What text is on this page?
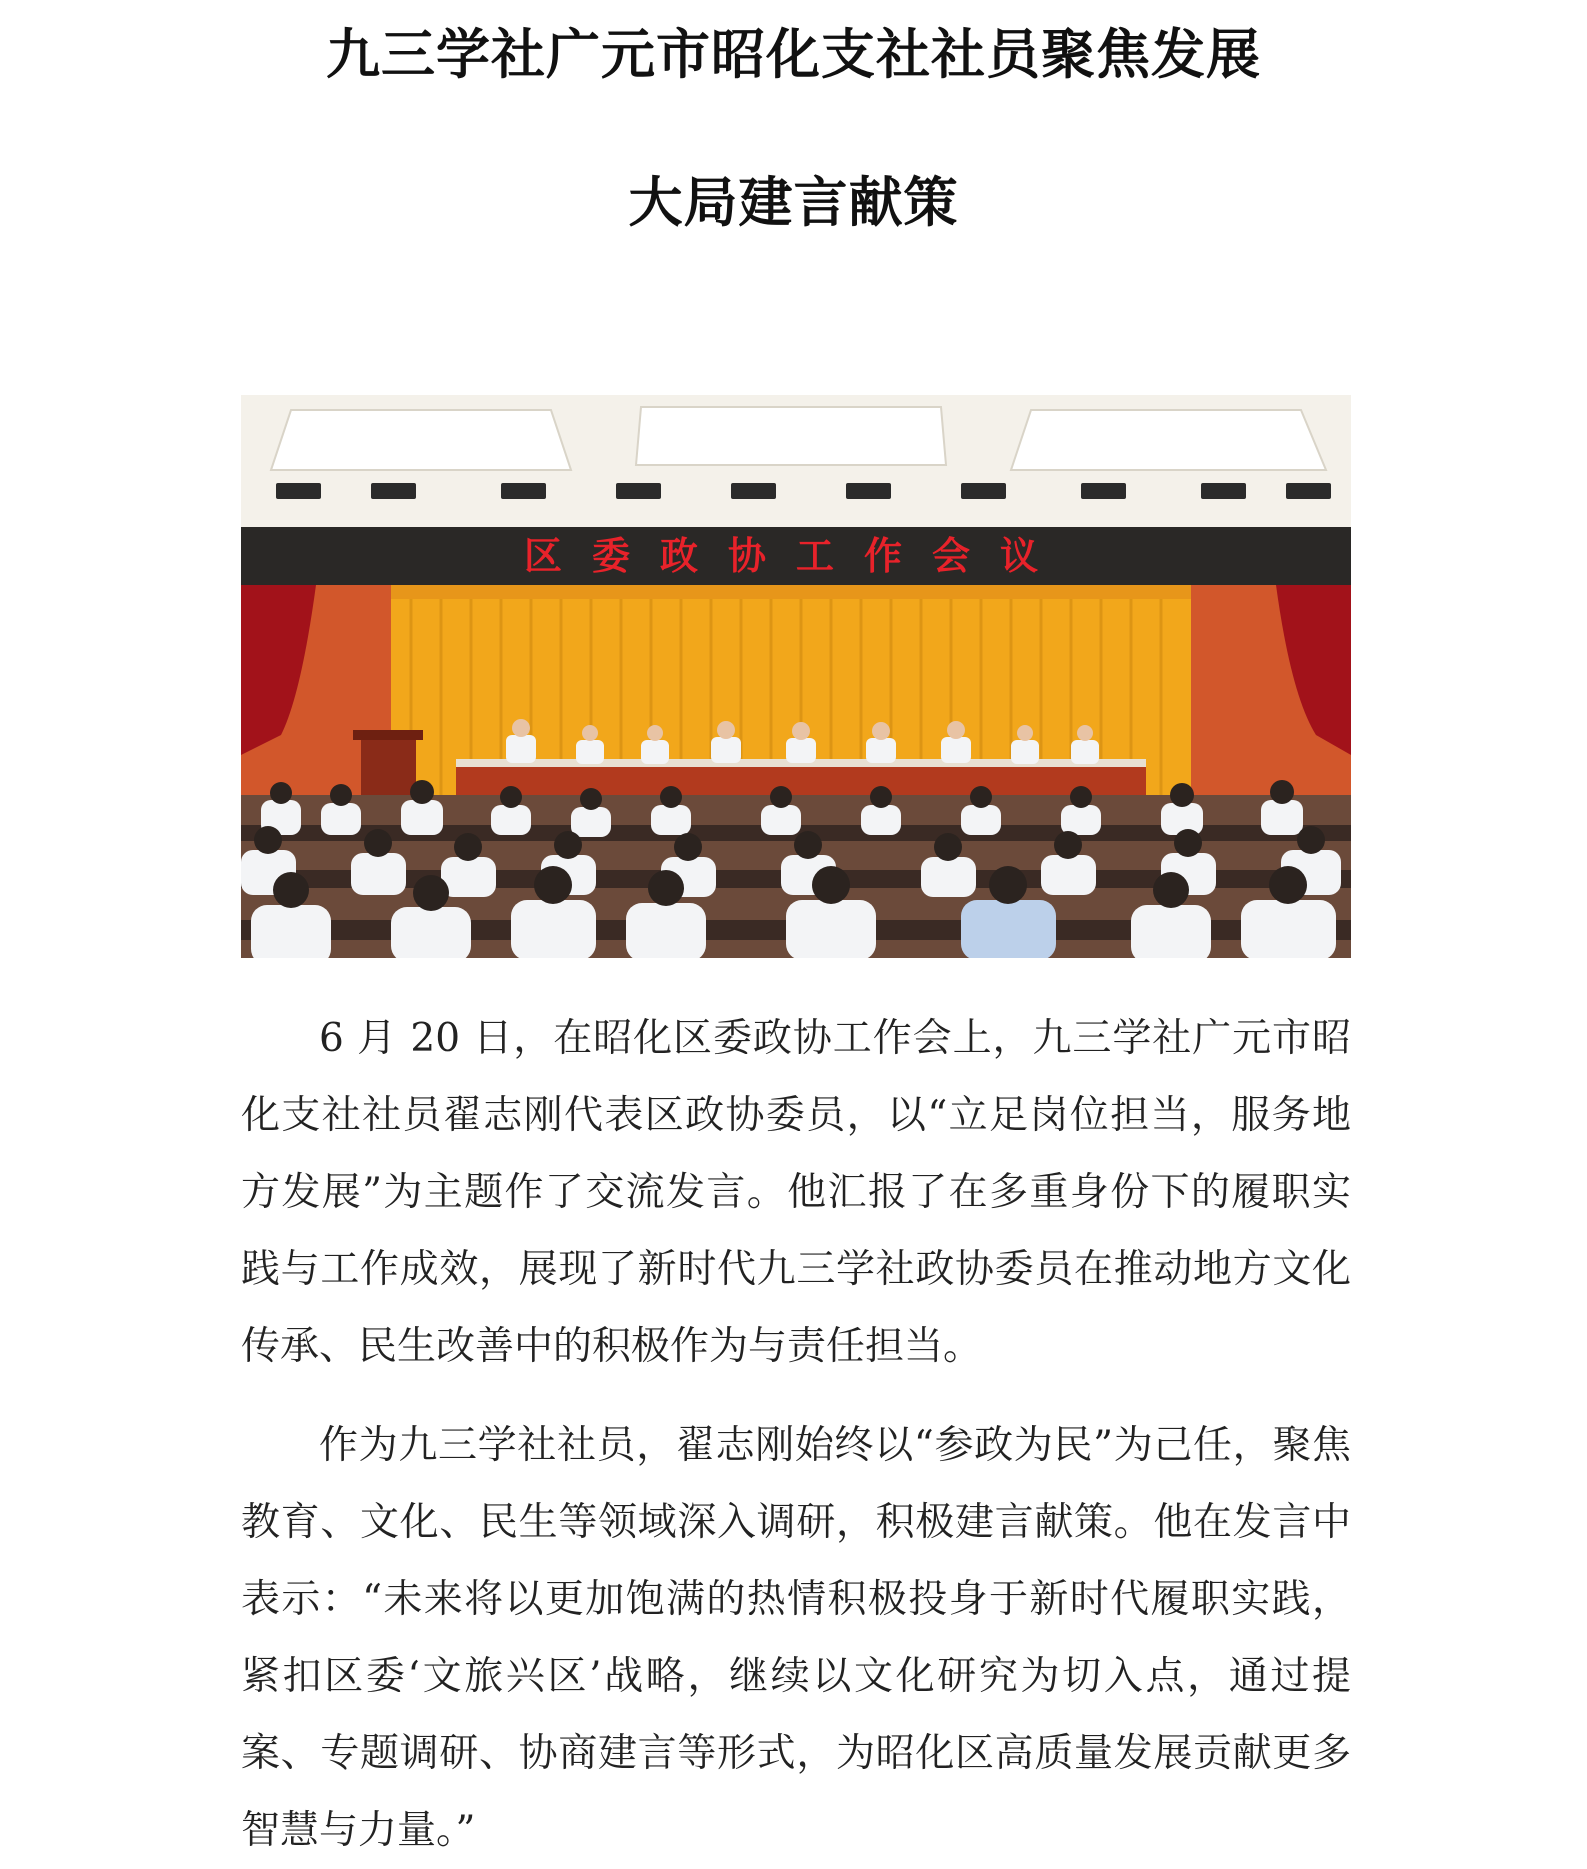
九三学社广元市昭化支社社员聚焦发展
大局建言献策

6 月 20 日，在昭化区委政协工作会上，九三学社广元市昭化支社社员翟志刚代表区政协委员，以“立足岗位担当，服务地方发展”为主题作了交流发言。他汇报了在多重身份下的履职实践与工作成效，展现了新时代九三学社政协委员在推动地方文化传承、民生改善中的积极作为与责任担当。

作为九三学社社员，翟志刚始终以“参政为民”为己任，聚焦教育、文化、民生等领域深入调研，积极建言献策。他在发言中表示：“未来将以更加饱满的热情积极投身于新时代履职实践，紧扣区委‘文旅兴区’战略，继续以文化研究为切入点，通过提案、专题调研、协商建言等形式，为昭化区高质量发展贡献更多智慧与力量。”

区委政协工作会议
